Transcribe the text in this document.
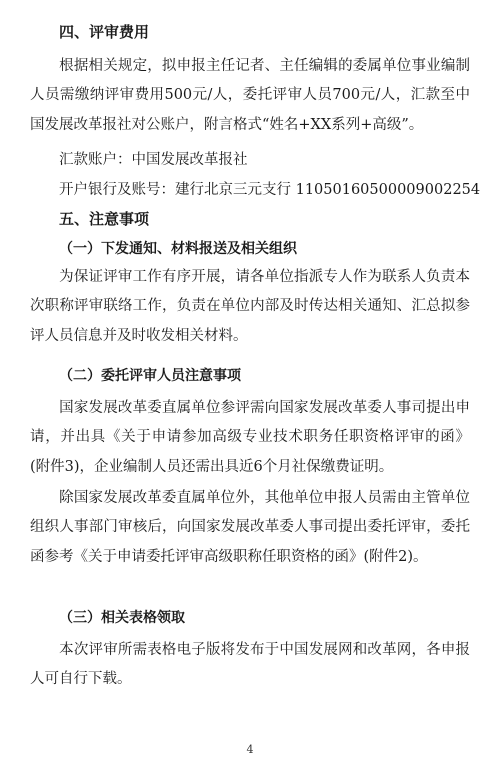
四、评审费用
根据相关规定，拟申报主任记者、主任编辑的委属单位事业编制人员需缴纳评审费用500元/人，委托评审人员700元/人，汇款至中国发展改革报社对公账户，附言格式“姓名+XX系列+高级”。
汇款账户：中国发展改革报社
开户银行及账号：建行北京三元支行 11050160500009002254
五、注意事项
（一）下发通知、材料报送及相关组织
为保证评审工作有序开展，请各单位指派专人作为联系人负责本次职称评审联络工作，负责在单位内部及时传达相关通知、汇总拟参评人员信息并及时收发相关材料。
（二）委托评审人员注意事项
国家发展改革委直属单位参评需向国家发展改革委人事司提出申请，并出具《关于申请参加高级专业技术职务任职资格评审的函》(附件3)，企业编制人员还需出具近6个月社保缴费证明。
除国家发展改革委直属单位外，其他单位申报人员需由主管单位组织人事部门审核后，向国家发展改革委人事司提出委托评审，委托函参考《关于申请委托评审高级职称任职资格的函》(附件2)。
（三）相关表格领取
本次评审所需表格电子版将发布于中国发展网和改革网，各申报人可自行下载。
4
